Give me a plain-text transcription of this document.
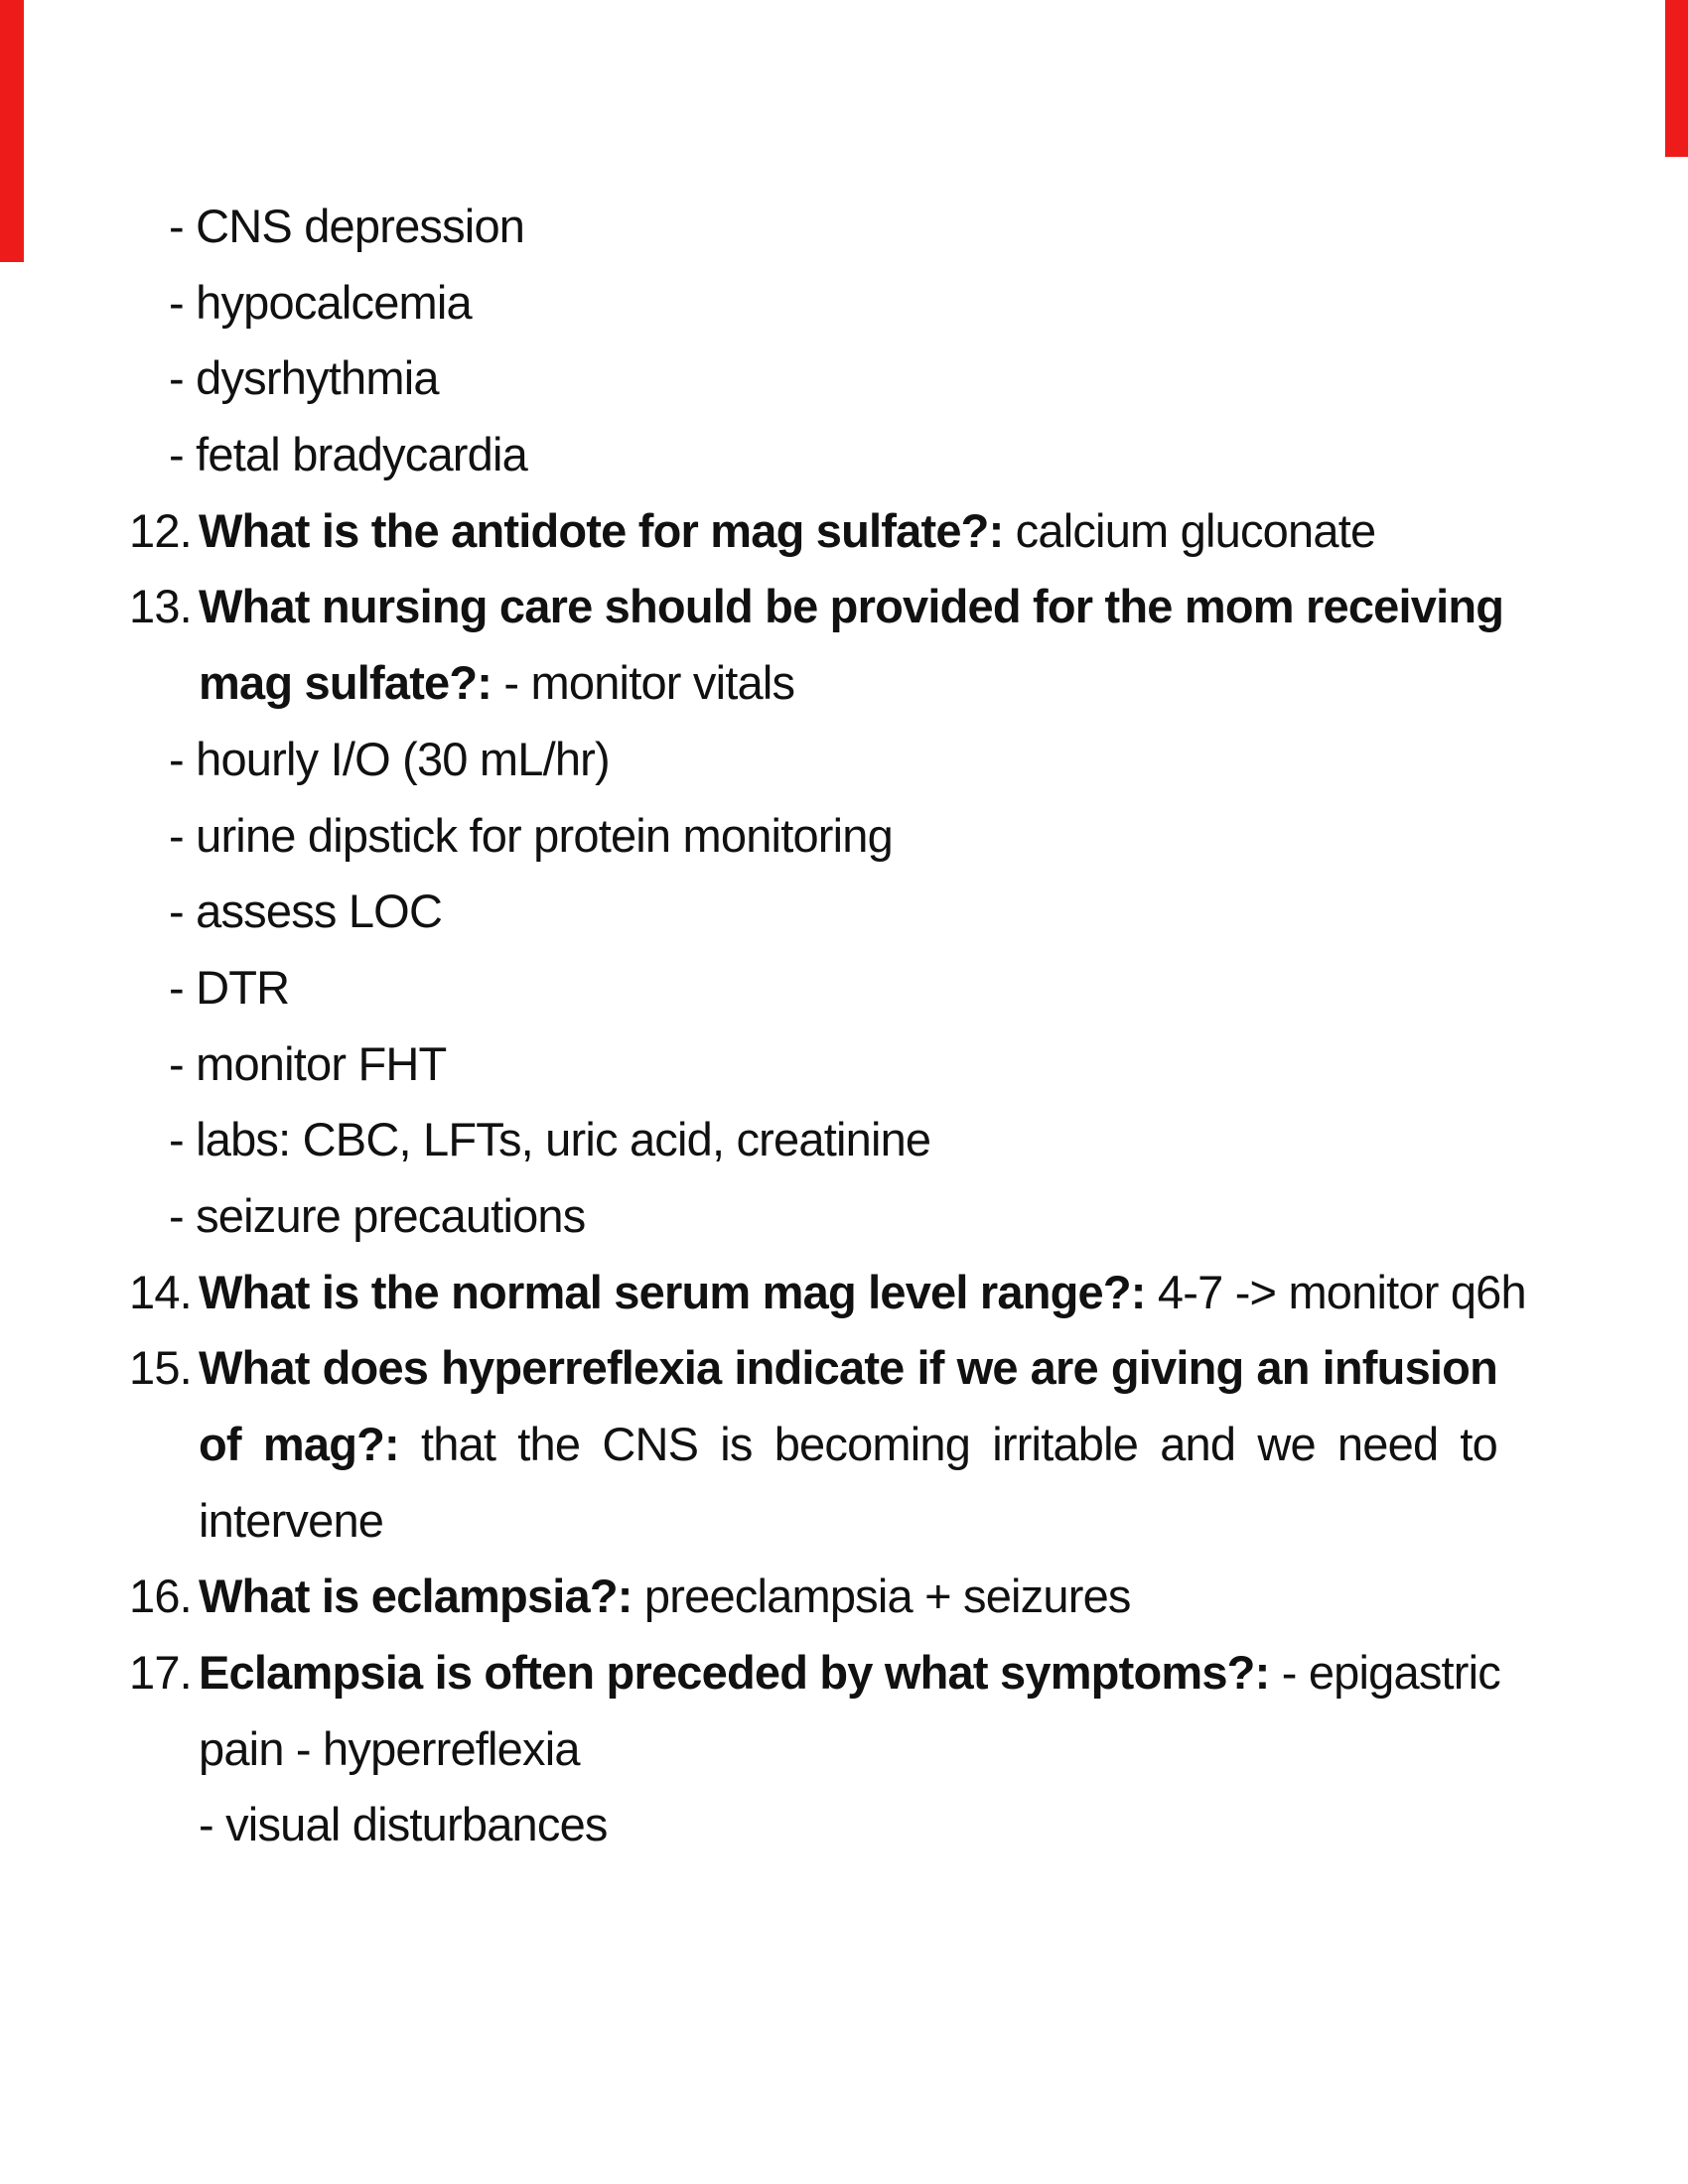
- CNS depression
- hypocalcemia
- dysrhythmia
- fetal bradycardia
12. What is the antidote for mag sulfate?: calcium gluconate
13. What nursing care should be provided for the mom receiving
mag sulfate?: - monitor vitals
- hourly I/O (30 mL/hr)
- urine dipstick for protein monitoring
- assess LOC
- DTR
- monitor FHT
- labs: CBC, LFTs, uric acid, creatinine
- seizure precautions
14. What is the normal serum mag level range?: 4-7 -> monitor q6h
15. What does hyperreflexia indicate if we are giving an infusion
of mag?: that the CNS is becoming irritable and we need to
intervene
16. What is eclampsia?: preeclampsia + seizures
17. Eclampsia is often preceded by what symptoms?: - epigastric
pain - hyperreflexia
- visual disturbances
